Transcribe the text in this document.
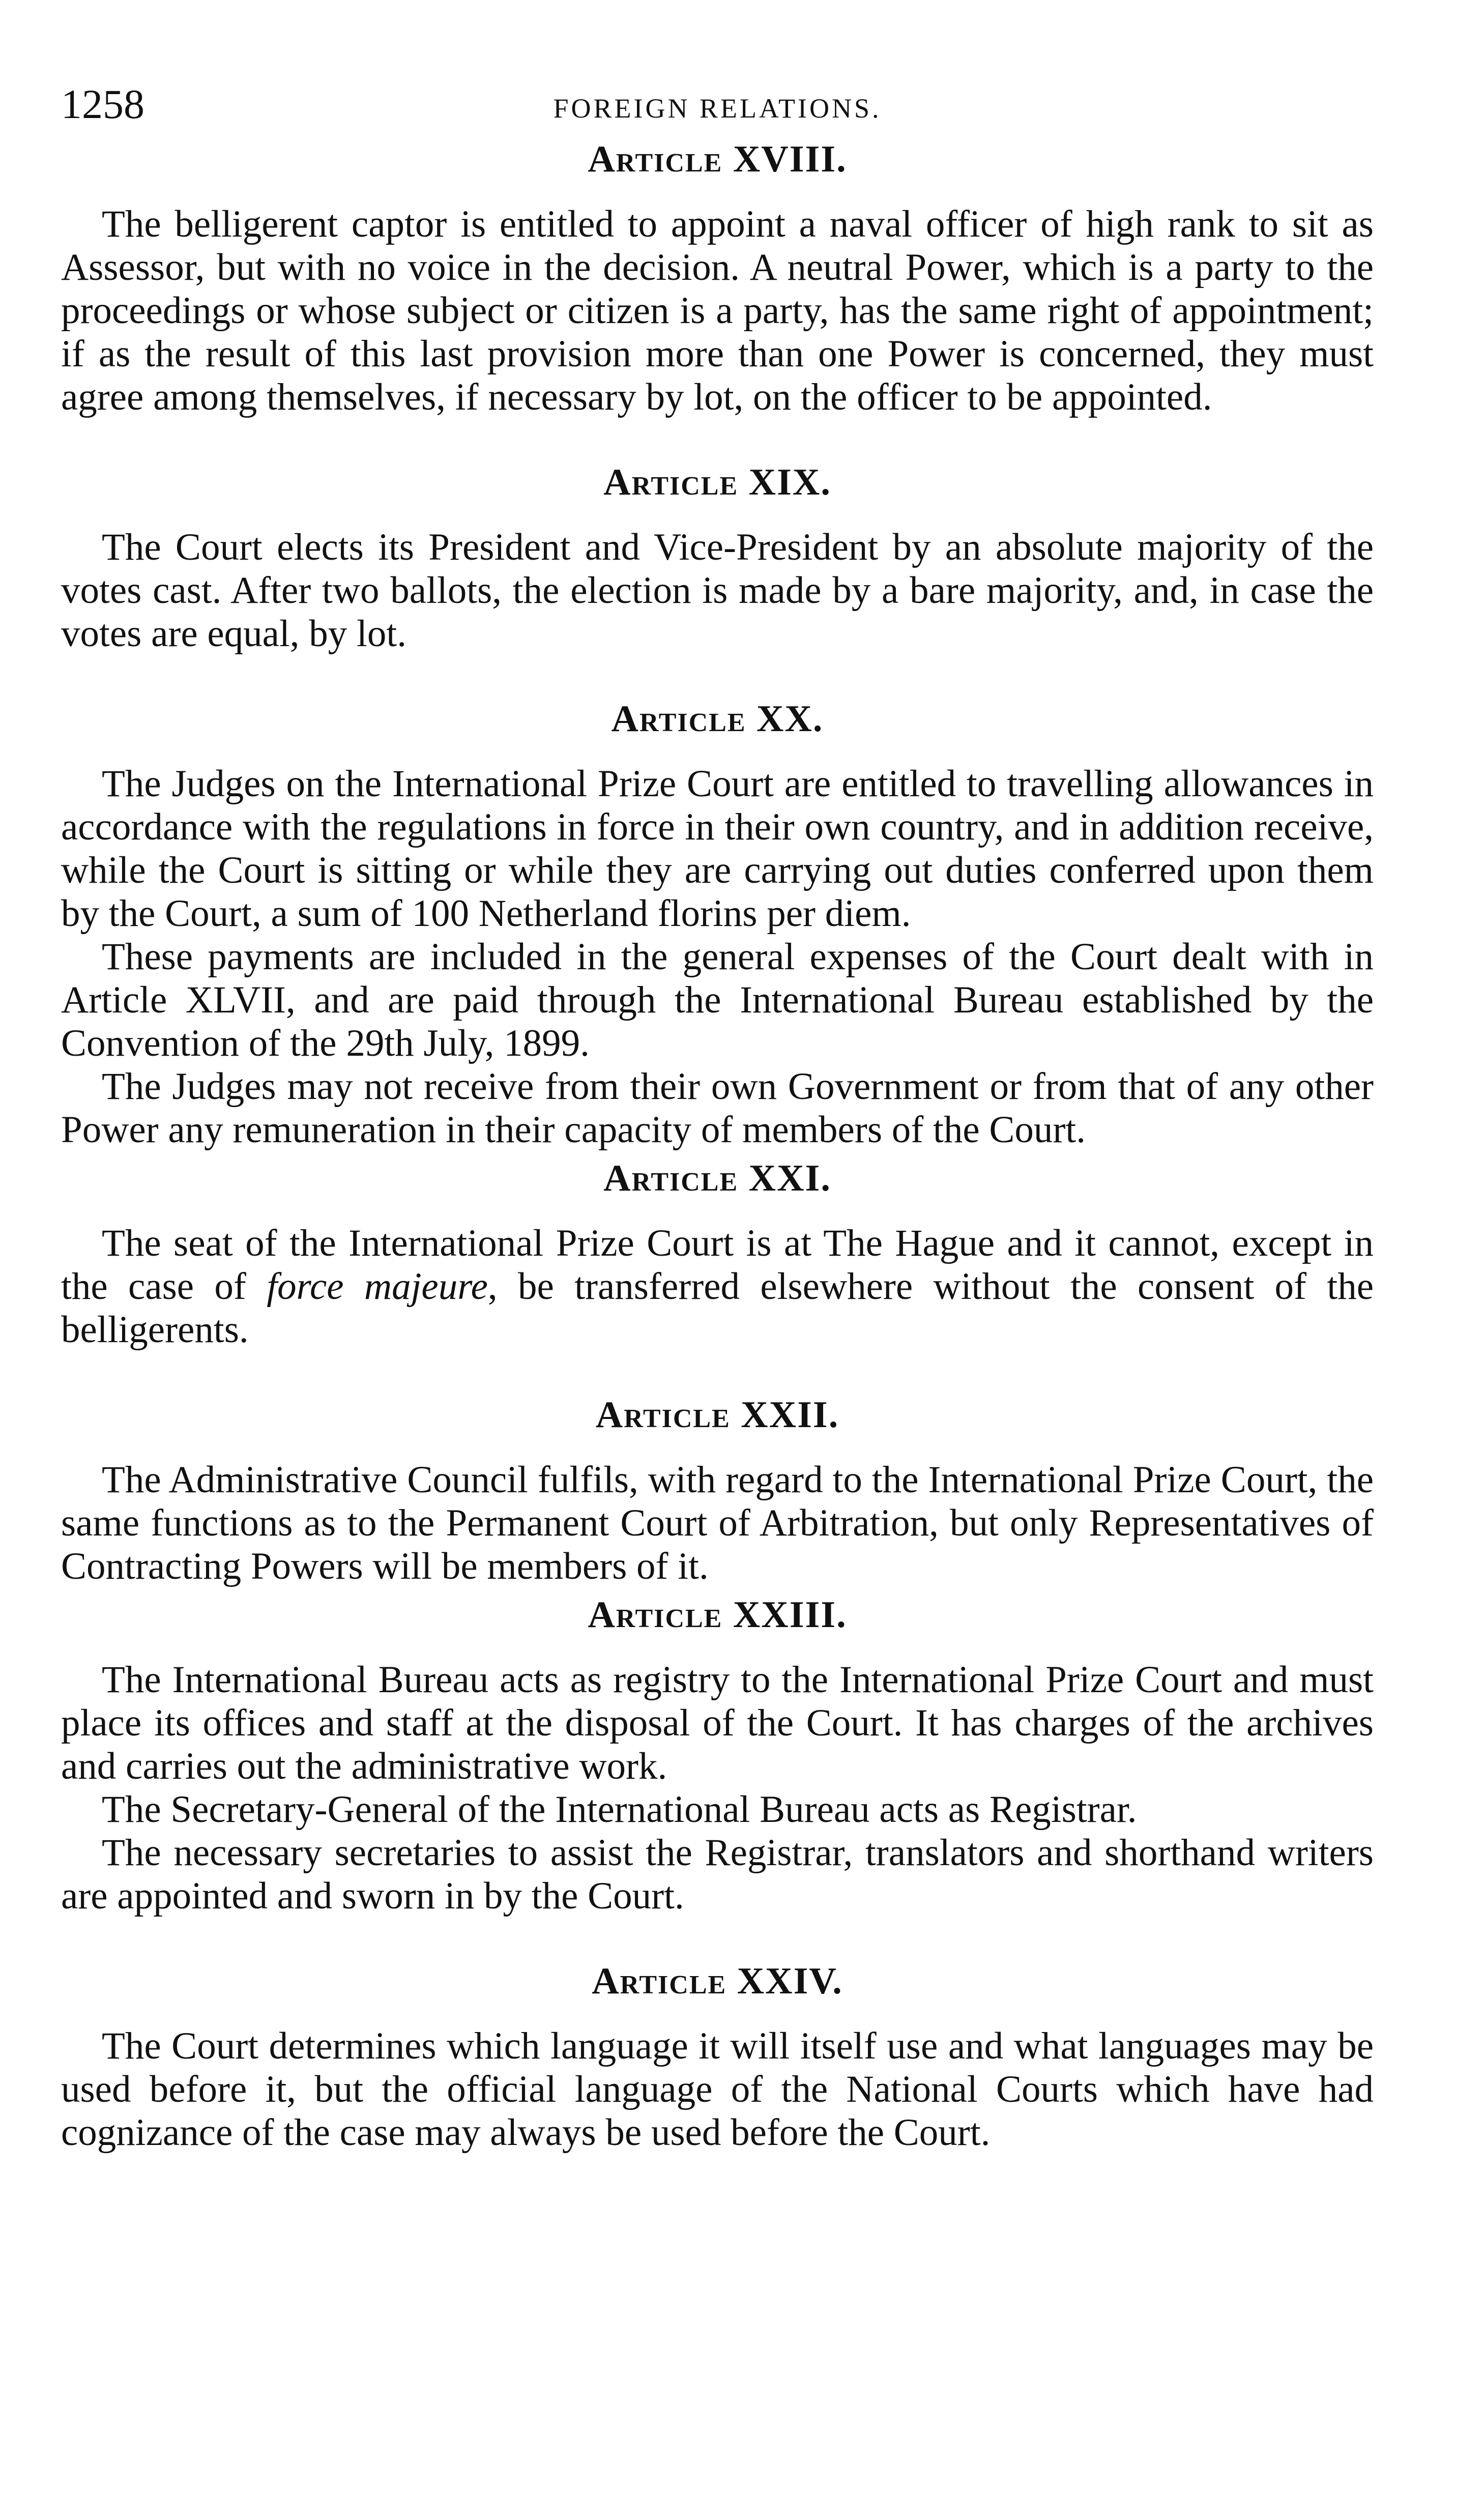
1258	FOREIGN RELATIONS.
Article XVIII.

The belligerent captor is entitled to appoint a naval officer of high rank to sit as Assessor, but with no voice in the decision. A neutral Power, which is a party to the proceedings or whose subject or citizen is a party, has the same right of appointment; if as the result of this last provision more than one Power is concerned, they must agree among themselves, if necessary by lot, on the officer to be appointed.

Article XIX.

The Court elects its President and Vice-President by an absolute majority of the votes cast. After two ballots, the election is made by a bare majority, and, in case the votes are equal, by lot.

Article XX.

The Judges on the International Prize Court are entitled to travelling allowances in accordance with the regulations in force in their own country, and in addition receive, while the Court is sitting or while they are carrying out duties conferred upon them by the Court, a sum of 100 Netherland florins per diem.

These payments are included in the general expenses of the Court dealt with in Article XLVII, and are paid through the International Bureau established by the Convention of the 29th July, 1899.

The Judges may not receive from their own Government or from that of any other Power any remuneration in their capacity of members of the Court.

Article XXI.

The seat of the International Prize Court is at The Hague and it cannot, except in the case of force majeure, be transferred elsewhere without the consent of the belligerents.

Article XXII.

The Administrative Council fulfils, with regard to the International Prize Court, the same functions as to the Permanent Court of Arbitration, but only Representatives of Contracting Powers will be members of it.

Article XXIII.

The International Bureau acts as registry to the International Prize Court and must place its offices and staff at the disposal of the Court. It has charges of the archives and carries out the administrative work.

The Secretary-General of the International Bureau acts as Registrar.

The necessary secretaries to assist the Registrar, translators and shorthand writers are appointed and sworn in by the Court.

Article XXIV.

The Court determines which language it will itself use and what languages may be used before it, but the official language of the National Courts which have had cognizance of the case may always be used before the Court.
